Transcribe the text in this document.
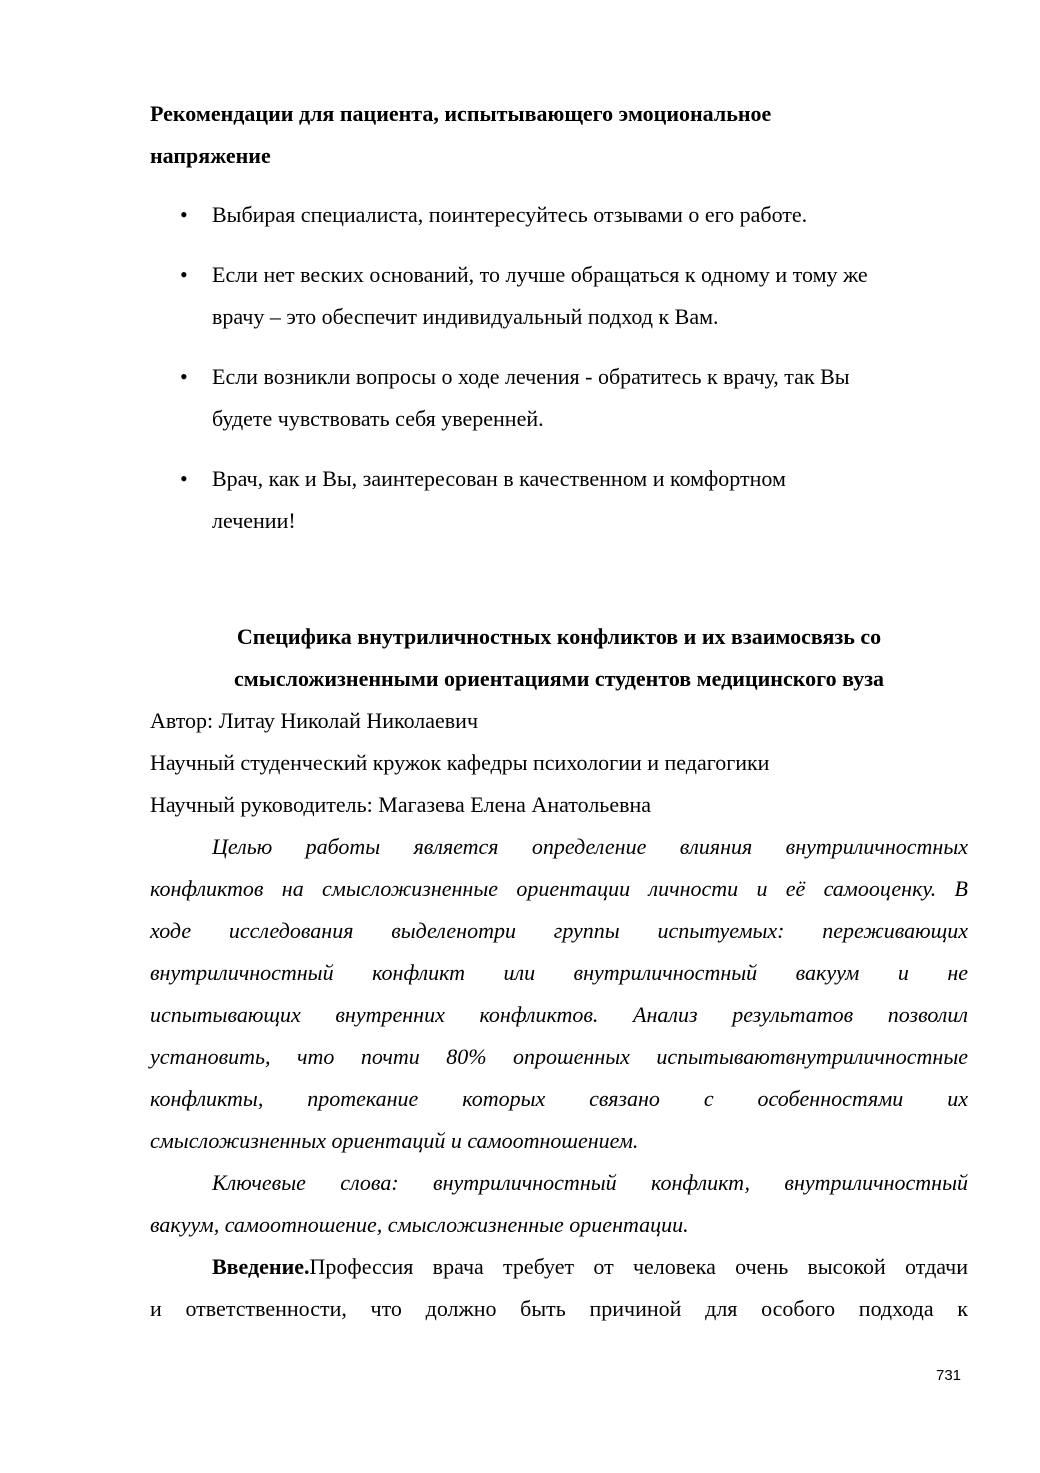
Рекомендации для пациента, испытывающего эмоциональное

напряжение

• Выбирая специалиста, поинтересуйтесь отзывами о его работе.
• Если нет веских оснований, то лучше обращаться к одному и тому же
врачу – это обеспечит индивидуальный подход к Вам.
• Если возникли вопросы о ходе лечения - обратитесь к врачу, так Вы
будете чувствовать себя уверенней.
• Врач, как и Вы, заинтересован в качественном и комфортном
лечении!

Специфика внутриличностных конфликтов и их взаимосвязь со

смысложизненными ориентациями студентов медицинского вуза

Автор: Литау Николай Николаевич

Научный студенческий кружок кафедры психологии и педагогики

Научный руководитель: Магазева Елена Анатольевна

Целью работы является определение влияния внутриличностных

конфликтов на смысложизненные ориентации личности и её самооценку. В

ходе исследования выделенотри группы испытуемых: переживающих

внутриличностный конфликт или внутриличностный вакуум и не

испытывающих внутренних конфликтов. Анализ результатов позволил

установить, что почти 80% опрошенных испытываютвнутриличностные

конфликты, протекание которых связано с особенностями их

смысложизненных ориентаций и самоотношением.

Ключевые слова: внутриличностный конфликт, внутриличностный

вакуум, самоотношение, смысложизненные ориентации.

Введение.Профессия врача требует от человека очень высокой отдачи

и ответственности, что должно быть причиной для особого подхода к

731
